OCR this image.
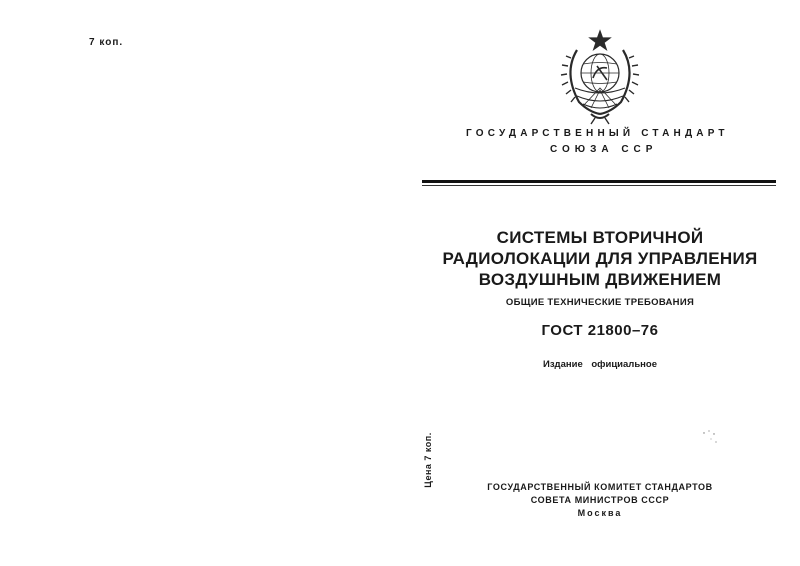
7 коп.
ГОСУДАРСТВЕННЫЙ СТАНДАРТ
СОЮЗА ССР
СИСТЕМЫ ВТОРИЧНОЙ
РАДИОЛОКАЦИИ ДЛЯ УПРАВЛЕНИЯ
ВОЗДУШНЫМ ДВИЖЕНИЕМ
ОБЩИЕ ТЕХНИЧЕСКИЕ ТРЕБОВАНИЯ
ГОСТ 21800–76
Издание официальное
Цена 7 коп.	ГОСУДАРСТВЕННЫЙ КОМИТЕТ СТАНДАРТОВ
СОВЕТА МИНИСТРОВ СССР
Москва
